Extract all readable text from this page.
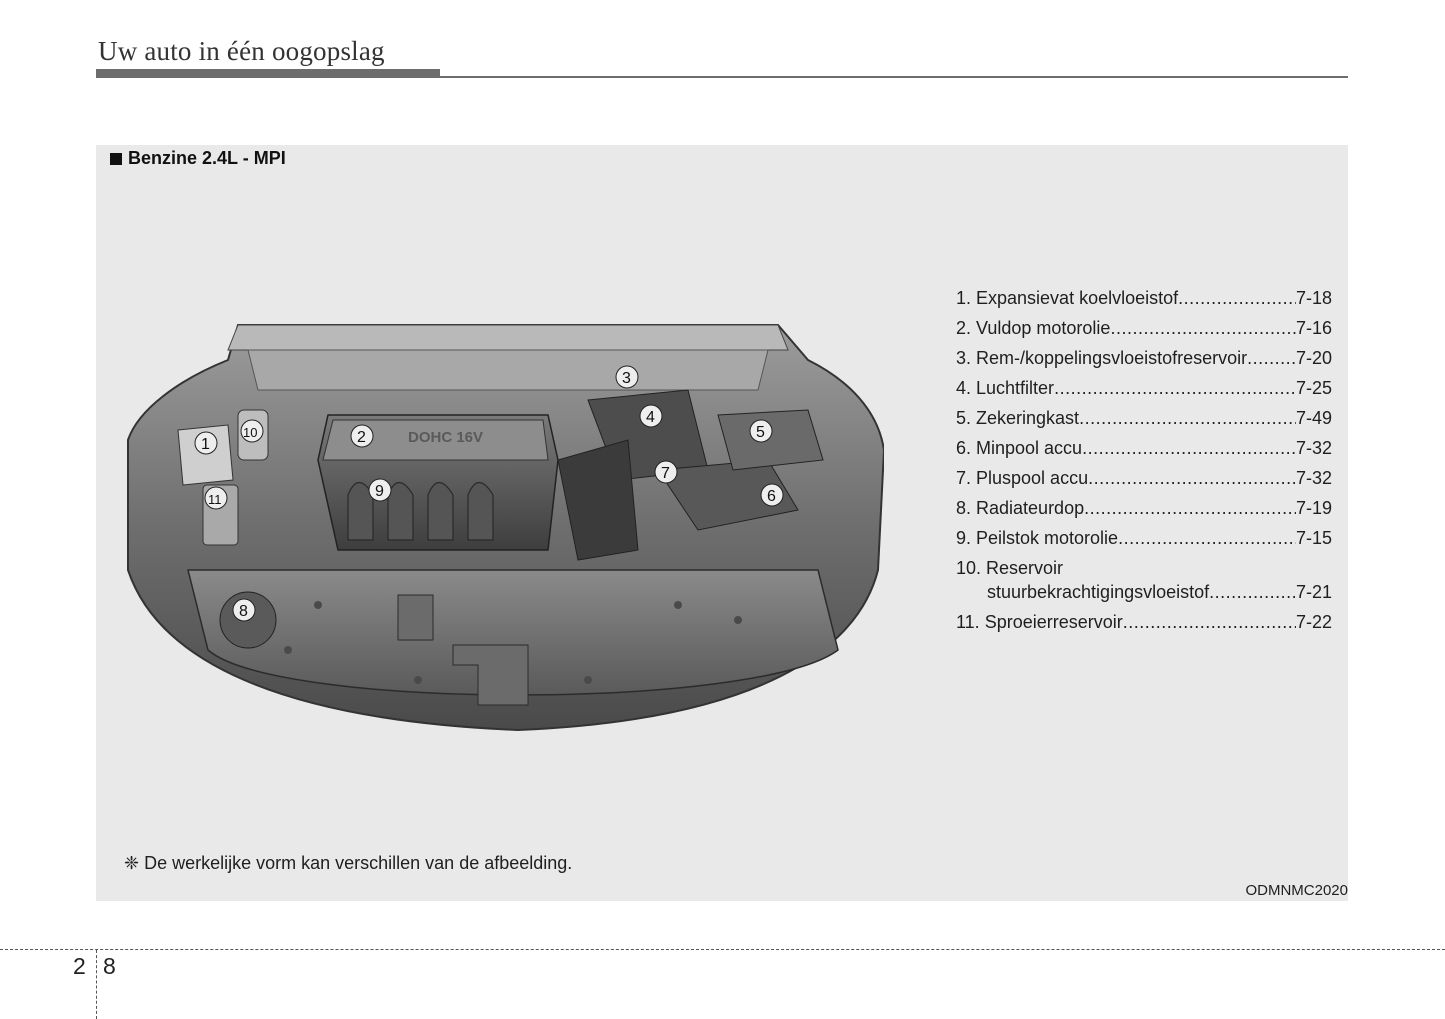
Uw auto in één oogopslag
Benzine 2.4L - MPI
DOHC 16V
1	2
3
4
5
6
7
8
9
10
11
1. Expansievat koelvloeistof .....	7-18
2. Vuldop motorolie .....	7-16
3. Rem-/koppelingsvloeistofreservoir .....	7-20
4. Luchtfilter .....	7-25
5. Zekeringkast .....	7-49
6. Minpool accu .....	7-32
7. Pluspool accu .....	7-32
8. Radiateurdop .....	7-19
9. Peilstok motorolie .....	7-15
10. Reservoir
stuurbekrachtigingsvloeistof .....	7-21
11. Sproeierreservoir .....	7-22
❈ De werkelijke vorm kan verschillen van de afbeelding.
ODMNMC2020
2 8
